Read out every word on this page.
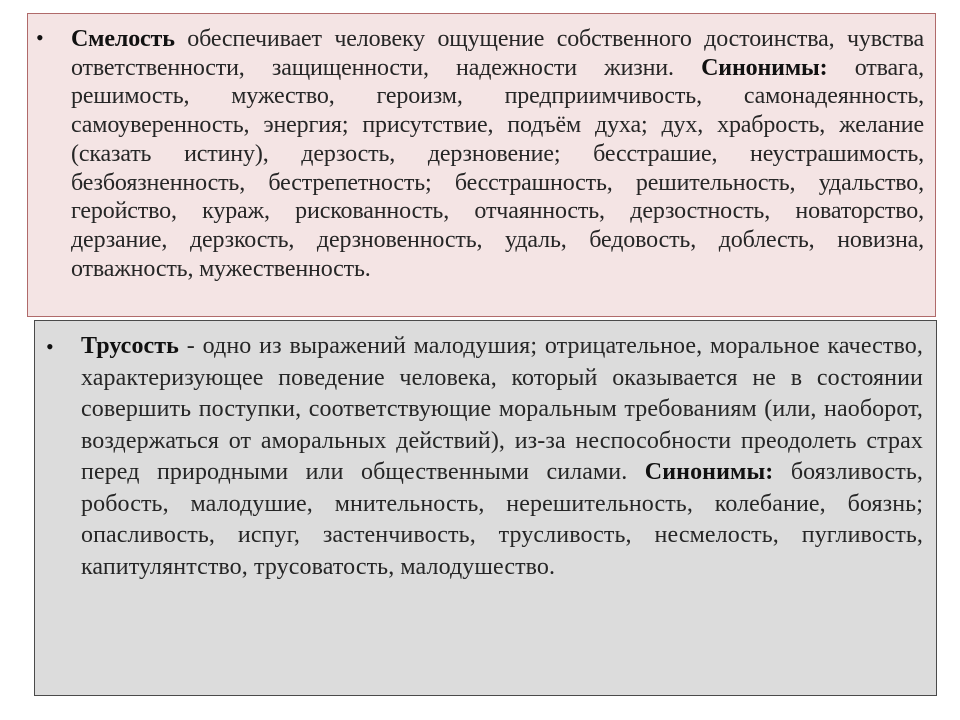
• Смелость обеспечивает человеку ощущение собственного достоинства, чувства ответственности, защищенности, надежности жизни. Синонимы: отвага, решимость, мужество, героизм, предприимчивость, самонадеянность, самоуверенность, энергия; присутствие, подъём духа; дух, храбрость, желание (сказать истину), дерзость, дерзновение; бесстрашие, неустрашимость, безбоязненность, бестрепетность; бесстрашность, решительность, удальство, геройство, кураж, рискованность, отчаянность, дерзостность, новаторство, дерзание, дерзкость, дерзновенность, удаль, бедовость, доблесть, новизна, отважность, мужественность.

• Трусость - одно из выражений малодушия; отрицательное, моральное качество, характеризующее поведение человека, который оказывается не в состоянии совершить поступки, соответствующие моральным требованиям (или, наоборот, воздержаться от аморальных действий), из-за неспособности преодолеть страх перед природными или общественными силами. Синонимы: боязливость, робость, малодушие, мнительность, нерешительность, колебание, боязнь; опасливость, испуг, застенчивость, трусливость, несмелость, пугливость, капитулянтство, трусоватость, малодушество.
